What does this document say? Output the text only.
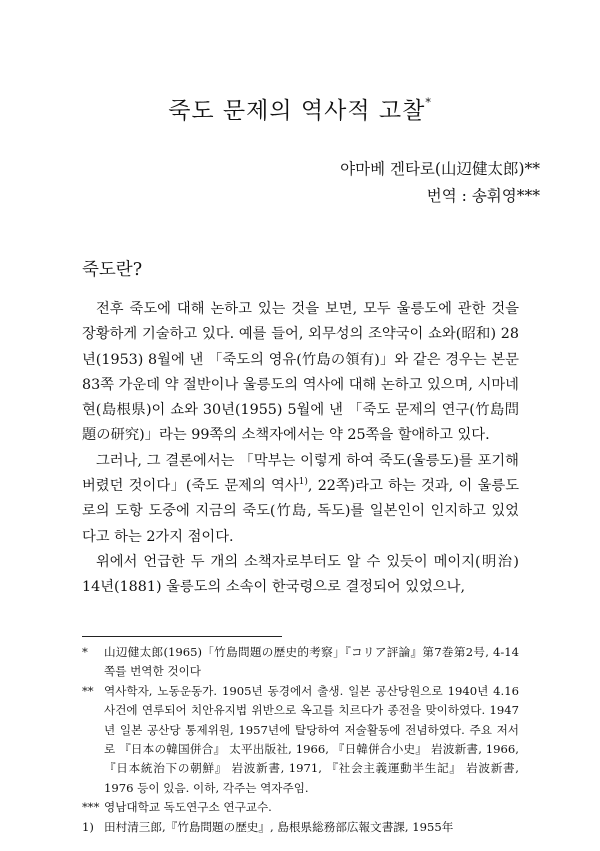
죽도 문제의 역사적 고찰*
야마베 겐타로(山辺健太郎)**
번역 : 송휘영***
죽도란?

전후 죽도에 대해 논하고 있는 것을 보면, 모두 울릉도에 관한 것을 장황하게 기술하고 있다. 예를 들어, 외무성의 조약국이 쇼와(昭和) 28년(1953) 8월에 낸 「죽도의 영유(竹島の領有)」와 같은 경우는 본문 83쪽 가운데 약 절반이나 울릉도의 역사에 대해 논하고 있으며, 시마네현(島根県)이 쇼와 30년(1955) 5월에 낸 「죽도 문제의 연구(竹島問題の研究)」라는 99쪽의 소책자에서는 약 25쪽을 할애하고 있다.

그러나, 그 결론에서는 「막부는 이렇게 하여 죽도(울릉도)를 포기해 버렸던 것이다」(죽도 문제의 역사$^{1)}$, 22쪽)라고 하는 것과, 이 울릉도로의 도항 도중에 지금의 죽도(竹島, 독도)를 일본인이 인지하고 있었다고 하는 2가지 점이다.

위에서 언급한 두 개의 소책자로부터도 알 수 있듯이 메이지(明治) 14년(1881) 울릉도의 소속이 한국령으로 결정되어 있었으나,

*	山辺健太郎(1965)「竹島問題の歴史的考察」『コリア評論』第7巻第2号, 4-14쪽를 번역한 것이다
** 역사학자, 노동운동가. 1905년 동경에서 출생. 일본 공산당원으로 1940년 4.16 사건에 연루되어 치안유지법 위반으로 옥고를 치르다가 종전을 맞이하였다. 1947년 일본 공산당 통제위원, 1957년에 탈당하여 저술활동에 전념하였다. 주요 저서로 『日本の韓国併合』 太平出版社, 1966, 『日韓併合小史』 岩波新書, 1966, 『日本統治下の朝鮮』 岩波新書, 1971, 『社会主義運動半生記』 岩波新書, 1976 등이 있음. 이하, 각주는 역자주임.
*** 영남대학교 독도연구소 연구교수.
1) 田村清三郎,『竹島問題の歴史』, 島根県総務部広報文書課, 1955年
